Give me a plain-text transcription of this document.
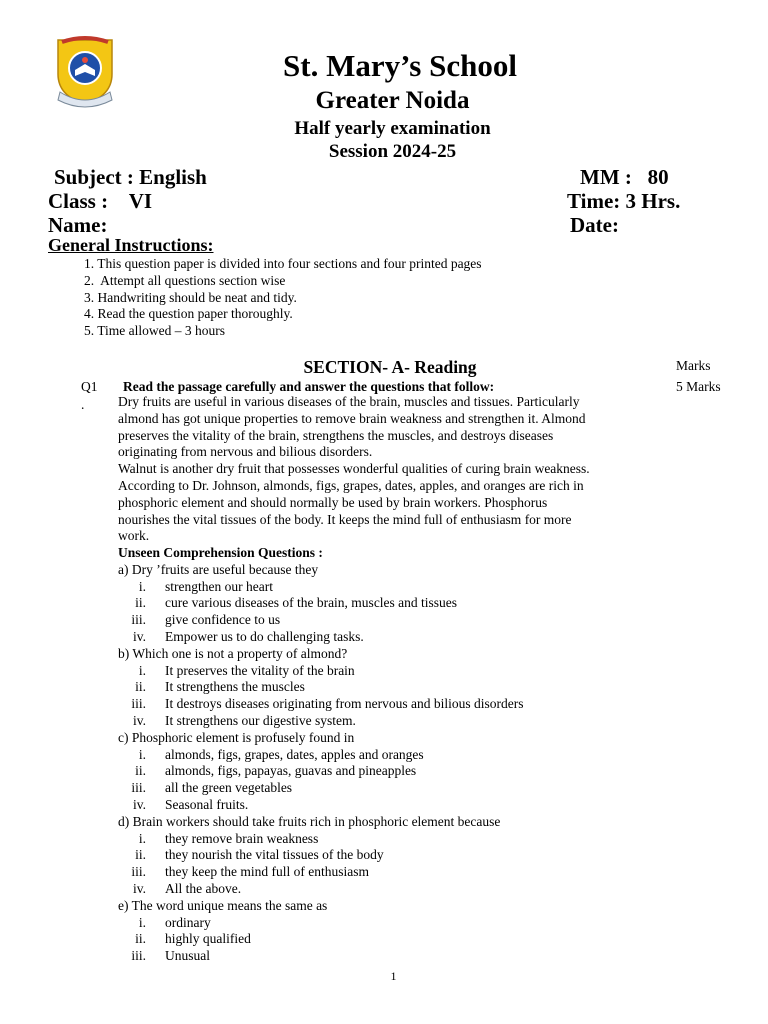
St. Mary’s School
Greater Noida
Half yearly examination
Session 2024-25
Subject : English	MM :   80
Class :    VI	Time: 3 Hrs.
Name:	Date:
General Instructions:
1. This question paper is divided into four sections and four printed pages
2.  Attempt all questions section wise
3. Handwriting should be neat and tidy.
4. Read the question paper thoroughly.
5. Time allowed – 3 hours
SECTION- A- Reading	Marks
Q1
.
Read the passage carefully and answer the questions that follow:	5 Marks
Dry fruits are useful in various diseases of the brain, muscles and tissues. Particularly
almond has got unique properties to remove brain weakness and strengthen it. Almond
preserves the vitality of the brain, strengthens the muscles, and destroys diseases
originating from nervous and bilious disorders.
Walnut is another dry fruit that possesses wonderful qualities of curing brain weakness.
According to Dr. Johnson, almonds, figs, grapes, dates, apples, and oranges are rich in
phosphoric element and should normally be used by brain workers. Phosphorus
nourishes the vital tissues of the body. It keeps the mind full of enthusiasm for more
work.
Unseen Comprehension Questions :
a) Dry ’fruits are useful because they
i. strengthen our heart
ii. cure various diseases of the brain, muscles and tissues
iii. give confidence to us
iv. Empower us to do challenging tasks.
b) Which one is not a property of almond?
i. It preserves the vitality of the brain
ii. It strengthens the muscles
iii. It destroys diseases originating from nervous and bilious disorders
iv. It strengthens our digestive system.
c) Phosphoric element is profusely found in
i. almonds, figs, grapes, dates, apples and oranges
ii. almonds, figs, papayas, guavas and pineapples
iii. all the green vegetables
iv. Seasonal fruits.
d) Brain workers should take fruits rich in phosphoric element because
i. they remove brain weakness
ii. they nourish the vital tissues of the body
iii. they keep the mind full of enthusiasm
iv. All the above.
e) The word unique means the same as
i. ordinary
ii. highly qualified
iii. Unusual
1
